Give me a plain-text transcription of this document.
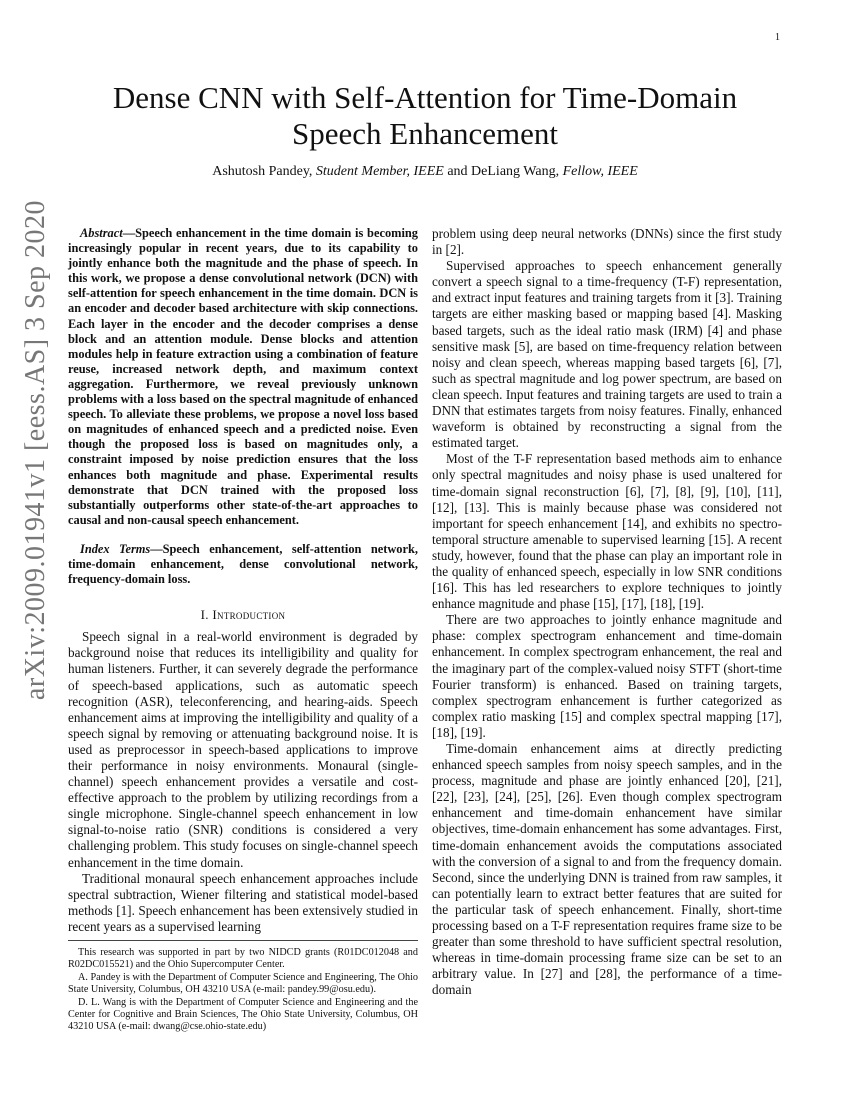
1
arXiv:2009.01941v1 [eess.AS] 3 Sep 2020
Dense CNN with Self-Attention for Time-Domain Speech Enhancement
Ashutosh Pandey, Student Member, IEEE and DeLiang Wang, Fellow, IEEE

Abstract—Speech enhancement in the time domain is becoming increasingly popular in recent years, due to its capability to jointly enhance both the magnitude and the phase of speech. In this work, we propose a dense convolutional network (DCN) with self-attention for speech enhancement in the time domain. DCN is an encoder and decoder based architecture with skip connections. Each layer in the encoder and the decoder comprises a dense block and an attention module. Dense blocks and attention modules help in feature extraction using a combination of feature reuse, increased network depth, and maximum context aggregation. Furthermore, we reveal previously unknown problems with a loss based on the spectral magnitude of enhanced speech. To alleviate these problems, we propose a novel loss based on magnitudes of enhanced speech and a predicted noise. Even though the proposed loss is based on magnitudes only, a constraint imposed by noise prediction ensures that the loss enhances both magnitude and phase. Experimental results demonstrate that DCN trained with the proposed loss substantially outperforms other state-of-the-art approaches to causal and non-causal speech enhancement.

Index Terms—Speech enhancement, self-attention network, time-domain enhancement, dense convolutional network, frequency-domain loss.

I. Introduction

Speech signal in a real-world environment is degraded by background noise that reduces its intelligibility and quality for human listeners. Further, it can severely degrade the performance of speech-based applications, such as automatic speech recognition (ASR), teleconferencing, and hearing-aids. Speech enhancement aims at improving the intelligibility and quality of a speech signal by removing or attenuating background noise. It is used as preprocessor in speech-based applications to improve their performance in noisy environments. Monaural (single-channel) speech enhancement provides a versatile and cost-effective approach to the problem by utilizing recordings from a single microphone. Single-channel speech enhancement in low signal-to-noise ratio (SNR) conditions is considered a very challenging problem. This study focuses on single-channel speech enhancement in the time domain.

Traditional monaural speech enhancement approaches include spectral subtraction, Wiener filtering and statistical model-based methods [1]. Speech enhancement has been extensively studied in recent years as a supervised learning

This research was supported in part by two NIDCD grants (R01DC012048 and R02DC015521) and the Ohio Supercomputer Center.

A. Pandey is with the Department of Computer Science and Engineering, The Ohio State University, Columbus, OH 43210 USA (e-mail: pandey.99@osu.edu).

D. L. Wang is with the Department of Computer Science and Engineering and the Center for Cognitive and Brain Sciences, The Ohio State University, Columbus, OH 43210 USA (e-mail: dwang@cse.ohio-state.edu)

problem using deep neural networks (DNNs) since the first study in [2].

Supervised approaches to speech enhancement generally convert a speech signal to a time-frequency (T-F) representation, and extract input features and training targets from it [3]. Training targets are either masking based or mapping based [4]. Masking based targets, such as the ideal ratio mask (IRM) [4] and phase sensitive mask [5], are based on time-frequency relation between noisy and clean speech, whereas mapping based targets [6], [7], such as spectral magnitude and log power spectrum, are based on clean speech. Input features and training targets are used to train a DNN that estimates targets from noisy features. Finally, enhanced waveform is obtained by reconstructing a signal from the estimated target.

Most of the T-F representation based methods aim to enhance only spectral magnitudes and noisy phase is used unaltered for time-domain signal reconstruction [6], [7], [8], [9], [10], [11], [12], [13]. This is mainly because phase was considered not important for speech enhancement [14], and exhibits no spectro-temporal structure amenable to supervised learning [15]. A recent study, however, found that the phase can play an important role in the quality of enhanced speech, especially in low SNR conditions [16]. This has led researchers to explore techniques to jointly enhance magnitude and phase [15], [17], [18], [19].

There are two approaches to jointly enhance magnitude and phase: complex spectrogram enhancement and time-domain enhancement. In complex spectrogram enhancement, the real and the imaginary part of the complex-valued noisy STFT (short-time Fourier transform) is enhanced. Based on training targets, complex spectrogram enhancement is further categorized as complex ratio masking [15] and complex spectral mapping [17], [18], [19].

Time-domain enhancement aims at directly predicting enhanced speech samples from noisy speech samples, and in the process, magnitude and phase are jointly enhanced [20], [21], [22], [23], [24], [25], [26]. Even though complex spectrogram enhancement and time-domain enhancement have similar objectives, time-domain enhancement has some advantages. First, time-domain enhancement avoids the computations associated with the conversion of a signal to and from the frequency domain. Second, since the underlying DNN is trained from raw samples, it can potentially learn to extract better features that are suited for the particular task of speech enhancement. Finally, short-time processing based on a T-F representation requires frame size to be greater than some threshold to have sufficient spectral resolution, whereas in time-domain processing frame size can be set to an arbitrary value. In [27] and [28], the performance of a time-domain
